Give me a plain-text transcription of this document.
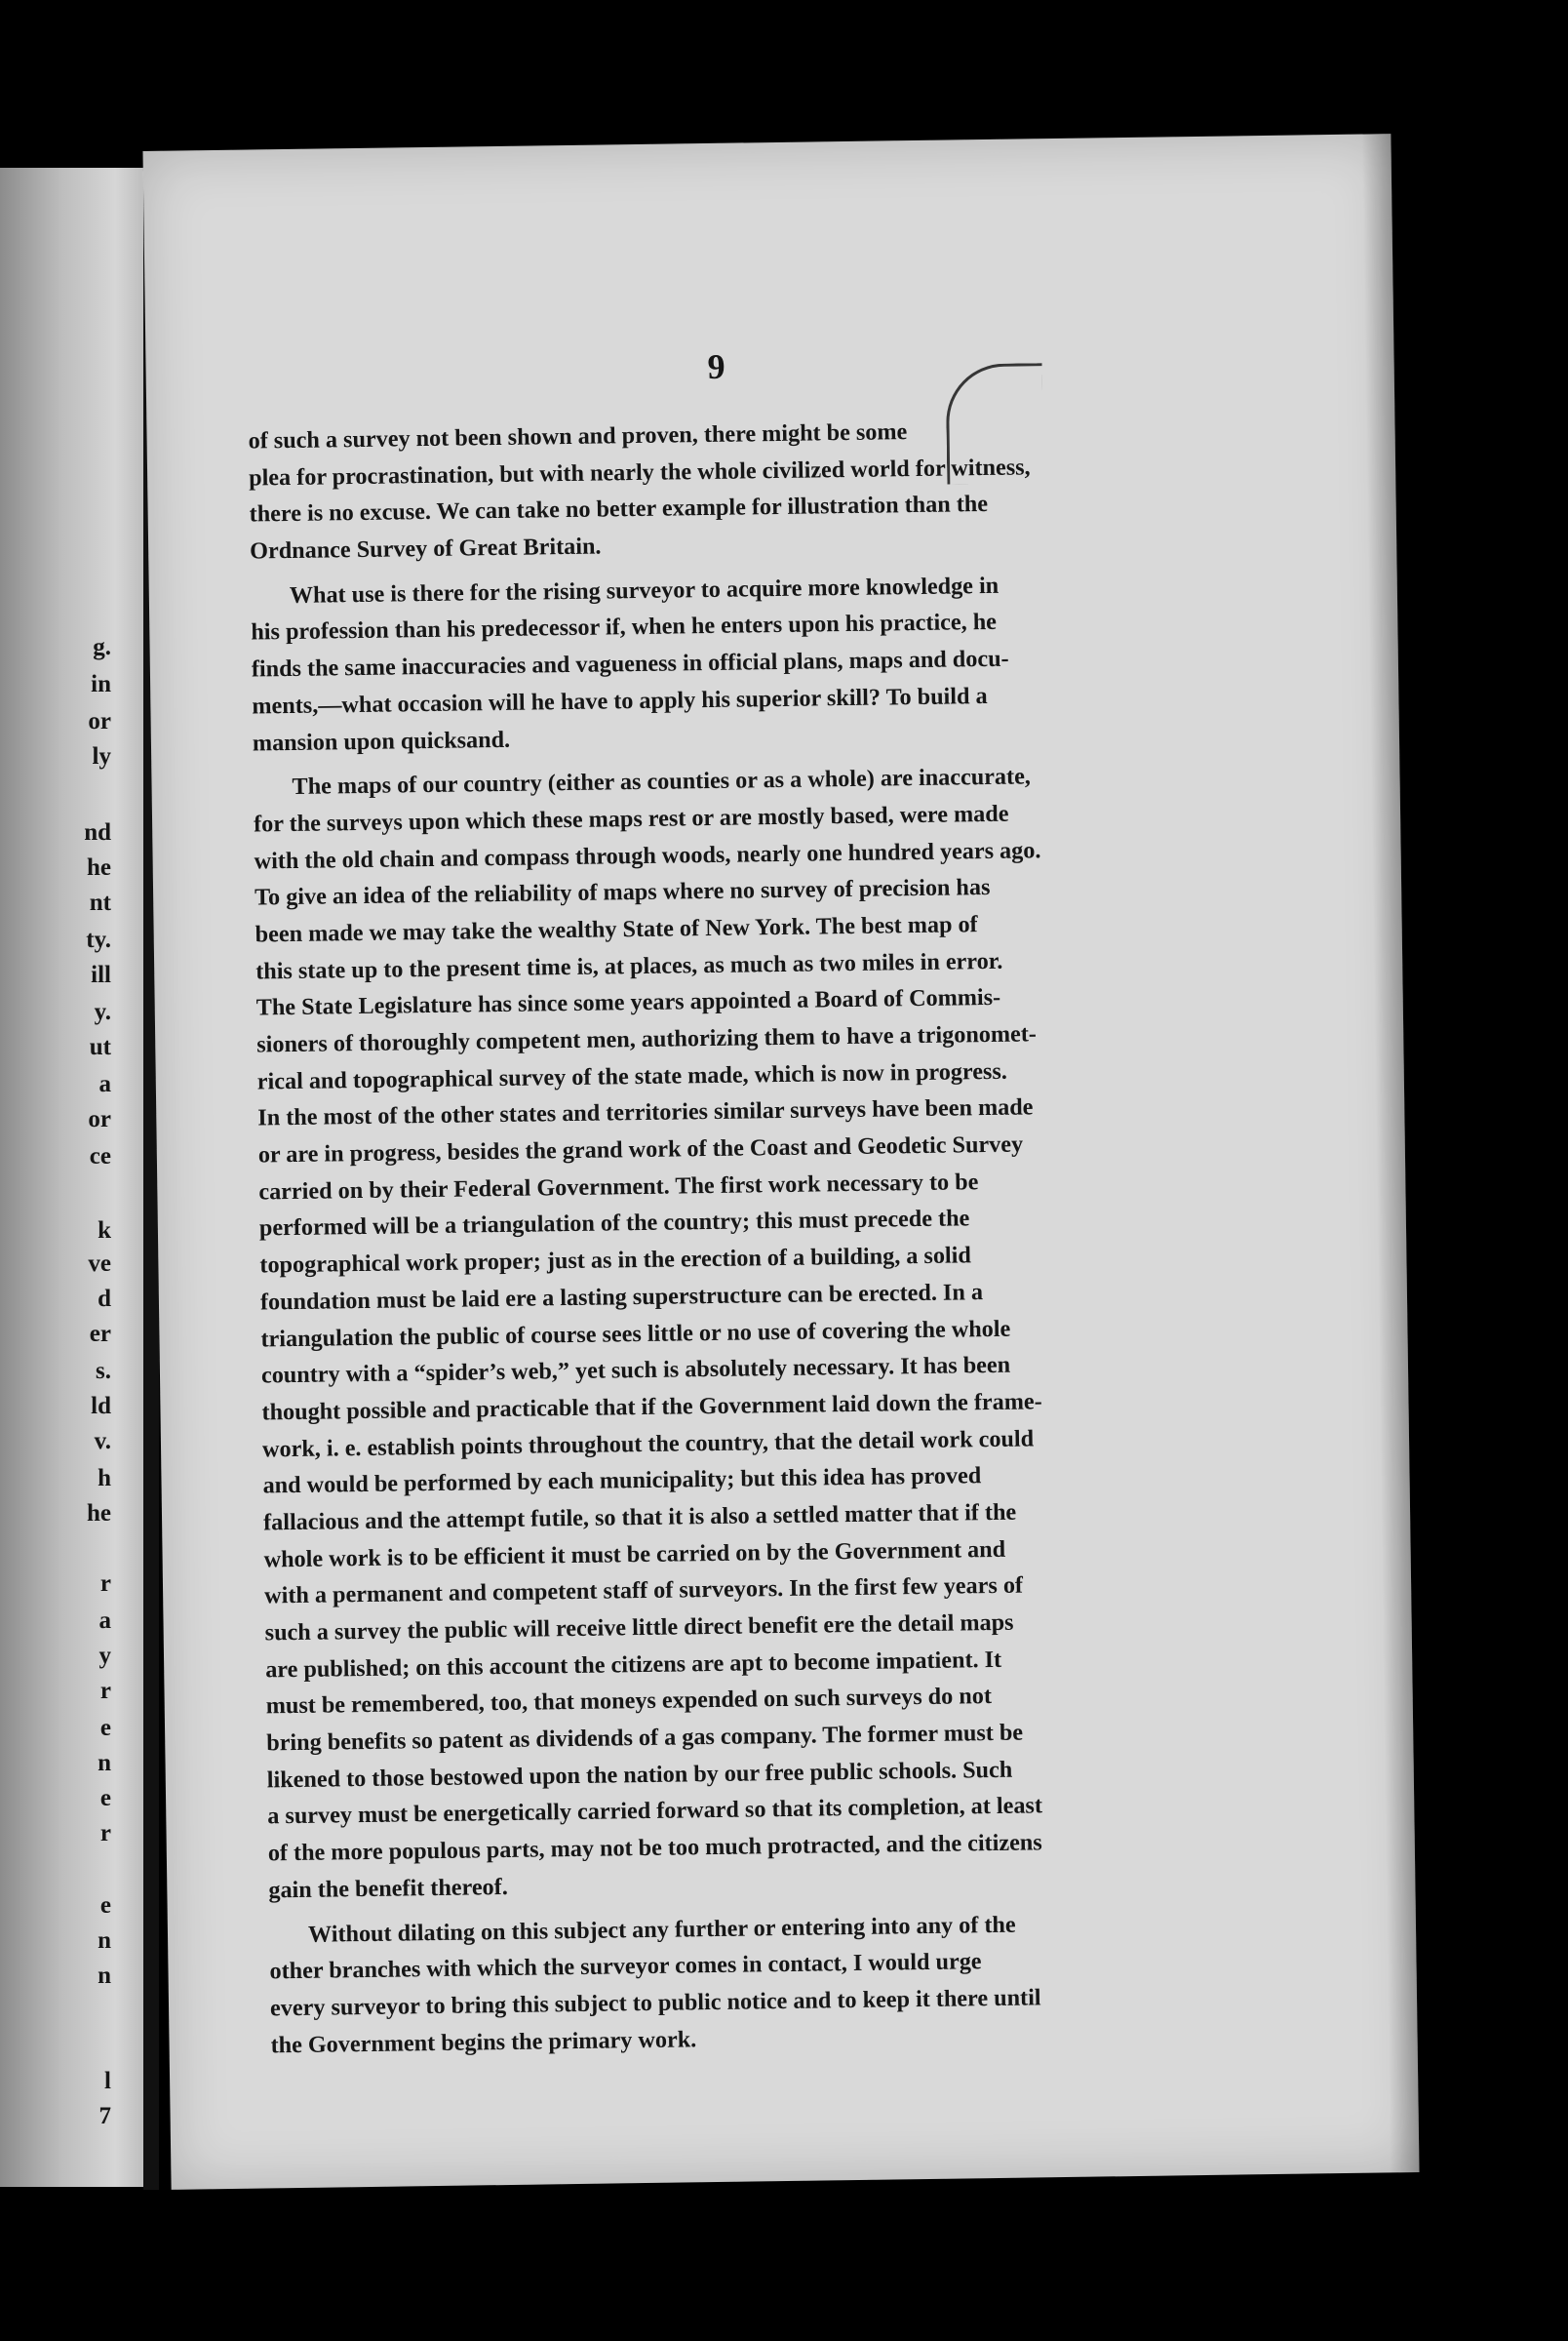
g.
in
or
ly
nd
he
nt
ty.
ill
y.
ut
a
or
ce
k
ve
d
er
s.
ld
v.
h
he
r
a
y
r
e
n
e
r
e
n
n
l
7
9
of such a survey not been shown and proven, there might be some
plea for procrastination, but with nearly the whole civilized world for witness,
there is no excuse. We can take no better example for illustration than the
Ordnance Survey of Great Britain.
What use is there for the rising surveyor to acquire more knowledge in
his profession than his predecessor if, when he enters upon his practice, he
finds the same inaccuracies and vagueness in official plans, maps and docu-
ments,—what occasion will he have to apply his superior skill? To build a
mansion upon quicksand.
The maps of our country (either as counties or as a whole) are inaccurate,
for the surveys upon which these maps rest or are mostly based, were made
with the old chain and compass through woods, nearly one hundred years ago.
To give an idea of the reliability of maps where no survey of precision has
been made we may take the wealthy State of New York. The best map of
this state up to the present time is, at places, as much as two miles in error.
The State Legislature has since some years appointed a Board of Commis-
sioners of thoroughly competent men, authorizing them to have a trigonomet-
rical and topographical survey of the state made, which is now in progress.
In the most of the other states and territories similar surveys have been made
or are in progress, besides the grand work of the Coast and Geodetic Survey
carried on by their Federal Government. The first work necessary to be
performed will be a triangulation of the country; this must precede the
topographical work proper; just as in the erection of a building, a solid
foundation must be laid ere a lasting superstructure can be erected. In a
triangulation the public of course sees little or no use of covering the whole
country with a “spider’s web,” yet such is absolutely necessary. It has been
thought possible and practicable that if the Government laid down the frame-
work, i. e. establish points throughout the country, that the detail work could
and would be performed by each municipality; but this idea has proved
fallacious and the attempt futile, so that it is also a settled matter that if the
whole work is to be efficient it must be carried on by the Government and
with a permanent and competent staff of surveyors. In the first few years of
such a survey the public will receive little direct benefit ere the detail maps
are published; on this account the citizens are apt to become impatient. It
must be remembered, too, that moneys expended on such surveys do not
bring benefits so patent as dividends of a gas company. The former must be
likened to those bestowed upon the nation by our free public schools. Such
a survey must be energetically carried forward so that its completion, at least
of the more populous parts, may not be too much protracted, and the citizens
gain the benefit thereof.
Without dilating on this subject any further or entering into any of the
other branches with which the surveyor comes in contact, I would urge
every surveyor to bring this subject to public notice and to keep it there until
the Government begins the primary work.
